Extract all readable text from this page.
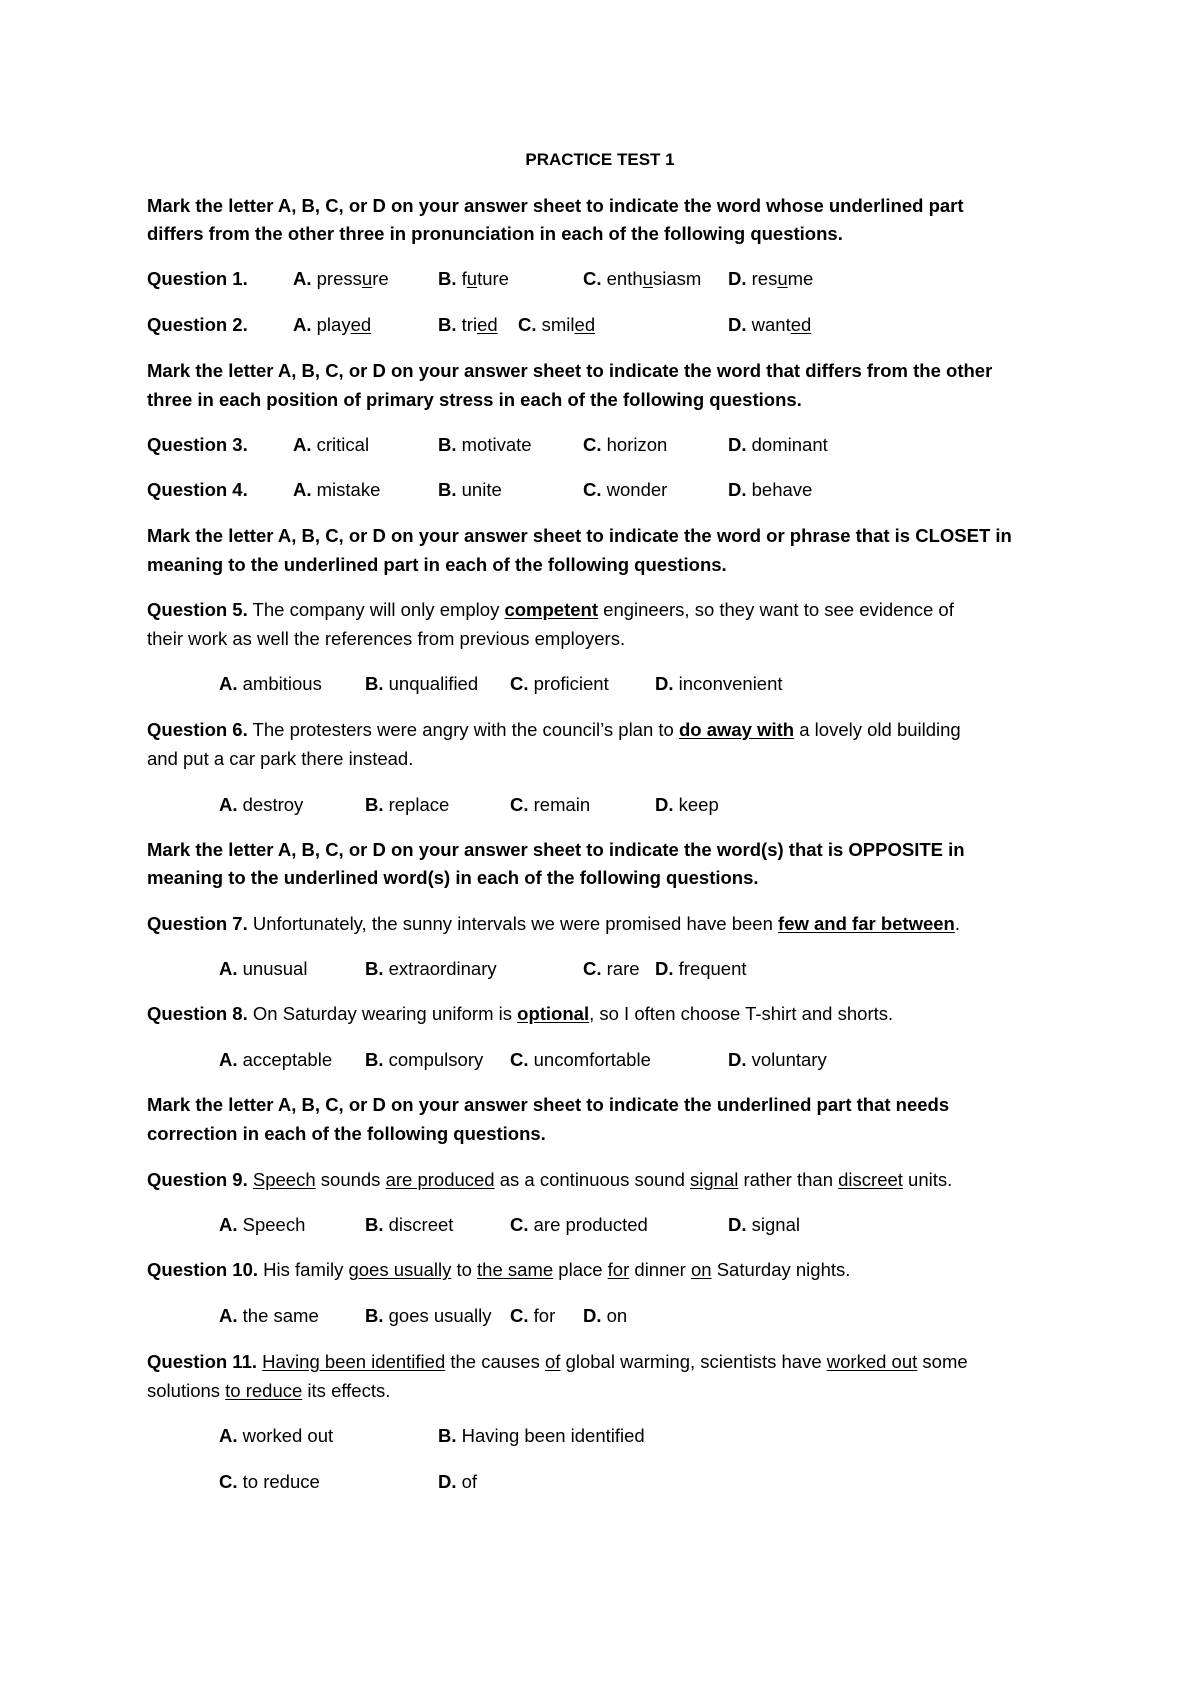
PRACTICE TEST 1
Mark the letter A, B, C, or D on your answer sheet to indicate the word whose underlined part
differs from the other three in pronunciation in each of the following questions.
Question 1. A. pressure	B. future	C. enthusiasm D. resume
Question 2. A. played	B. tried C. smiled	D. wanted
Mark the letter A, B, C, or D on your answer sheet to indicate the word that differs from the other
three in each position of primary stress in each of the following questions.
Question 3. A. critical	B. motivate	C. horizon	D. dominant
Question 4. A. mistake	B. unite	C. wonder	D. behave
Mark the letter A, B, C, or D on your answer sheet to indicate the word or phrase that is CLOSET in
meaning to the underlined part in each of the following questions.
Question 5. The company will only employ competent engineers, so they want to see evidence of
their work as well the references from previous employers.
A. ambitious B. unqualified C. proficient	D. inconvenient
Question 6. The protesters were angry with the council’s plan to do away with a lovely old building
and put a car park there instead.
A. destroy	B. replace	C. remain	D. keep
Mark the letter A, B, C, or D on your answer sheet to indicate the word(s) that is OPPOSITE in
meaning to the underlined word(s) in each of the following questions.
Question 7. Unfortunately, the sunny intervals we were promised have been few and far between.
A. unusual	B. extraordinary	C. rare D. frequent
Question 8. On Saturday wearing uniform is optional, so I often choose T-shirt and shorts.
A. acceptable B. compulsory C. uncomfortable	D. voluntary
Mark the letter A, B, C, or D on your answer sheet to indicate the underlined part that needs
correction in each of the following questions.
Question 9. Speech sounds are produced as a continuous sound signal rather than discreet units.
A. Speech	B. discreet	C. are producted	D. signal
Question 10. His family goes usually to the same place for dinner on Saturday nights.
A. the same	B. goes usually C. for D. on
Question 11. Having been identified the causes of global warming, scientists have worked out some
solutions to reduce its effects.
A. worked out	B. Having been identified
C. to reduce	D. of
